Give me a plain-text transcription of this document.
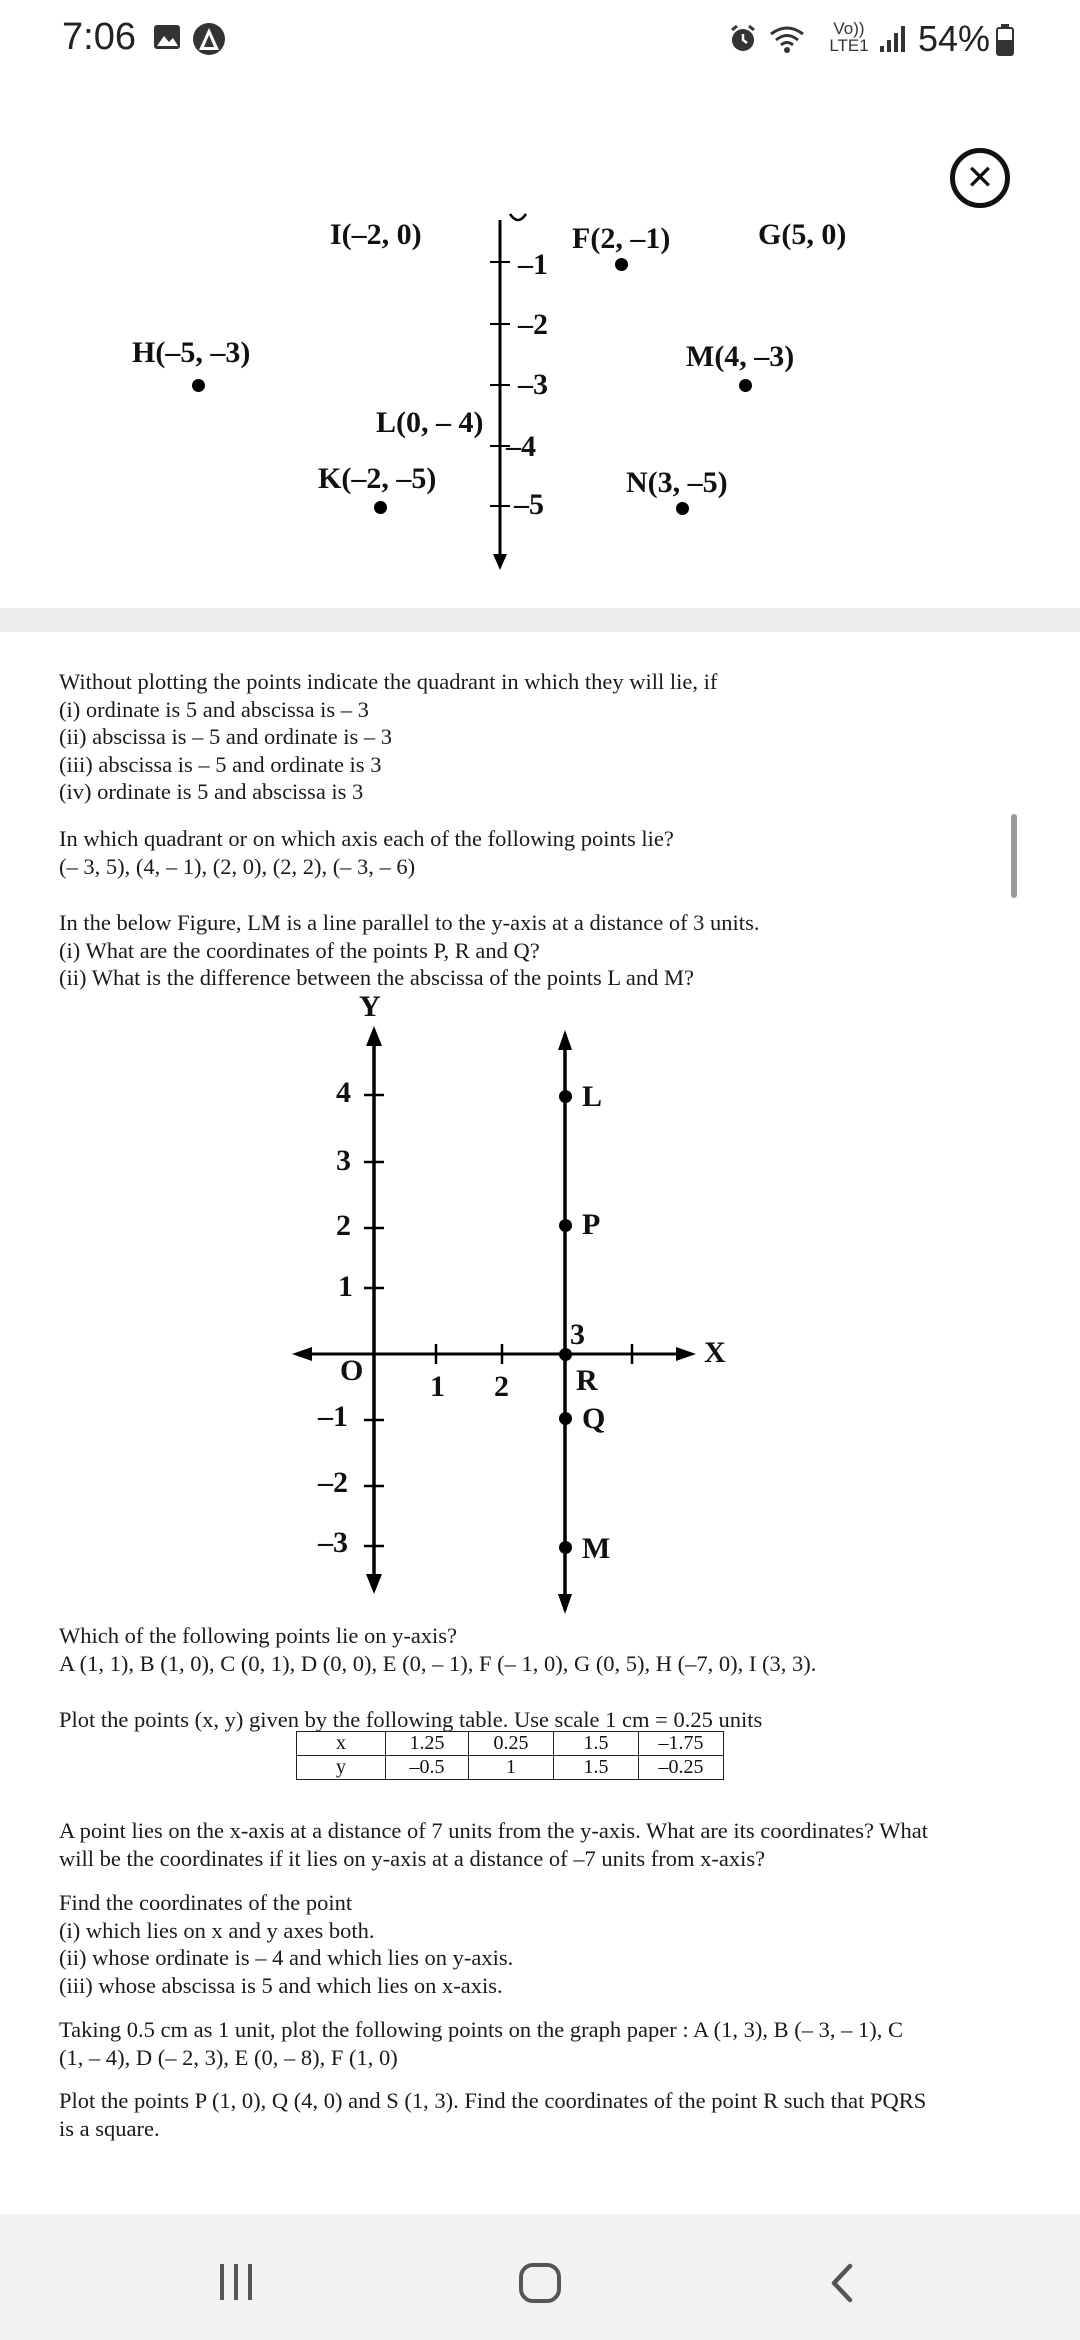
7:06	Vo)) LTE1 54%
✕
–1
–2
–3
–4
–5
I(–2, 0)	F(2, –1)	G(5, 0)
H(–5, –3)	M(4, –3)
L(0, – 4)
K(–2, –5)	N(3, –5)
Without plotting the points indicate the quadrant in which they will lie, if
(i) ordinate is 5 and abscissa is – 3
(ii) abscissa is – 5 and ordinate is – 3
(iii) abscissa is – 5 and ordinate is 3
(iv) ordinate is 5 and abscissa is 3
In which quadrant or on which axis each of the following points lie?
(– 3, 5), (4, – 1), (2, 0), (2, 2), (– 3, – 6)
In the below Figure, LM is a line parallel to the y-axis at a distance of 3 units.
(i) What are the coordinates of the points P, R and Q?
(ii) What is the difference between the abscissa of the points L and M?
Y
X
O
4
3
2
1
–1
–2
–3
1 2
3
L
P
R
Q
M
Which of the following points lie on y-axis?
A (1, 1), B (1, 0), C (0, 1), D (0, 0), E (0, – 1), F (– 1, 0), G (0, 5), H (–7, 0), I (3, 3).
Plot the points (x, y) given by the following table. Use scale 1 cm = 0.25 units
x	1.25	0.25	1.5	–1.75
y	–0.5	1	1.5	–0.25
A point lies on the x-axis at a distance of 7 units from the y-axis. What are its coordinates? What
will be the coordinates if it lies on y-axis at a distance of –7 units from x-axis?
Find the coordinates of the point
(i) which lies on x and y axes both.
(ii) whose ordinate is – 4 and which lies on y-axis.
(iii) whose abscissa is 5 and which lies on x-axis.
Taking 0.5 cm as 1 unit, plot the following points on the graph paper : A (1, 3), B (– 3, – 1), C
(1, – 4), D (– 2, 3), E (0, – 8), F (1, 0)
Plot the points P (1, 0), Q (4, 0) and S (1, 3). Find the coordinates of the point R such that PQRS
is a square.
